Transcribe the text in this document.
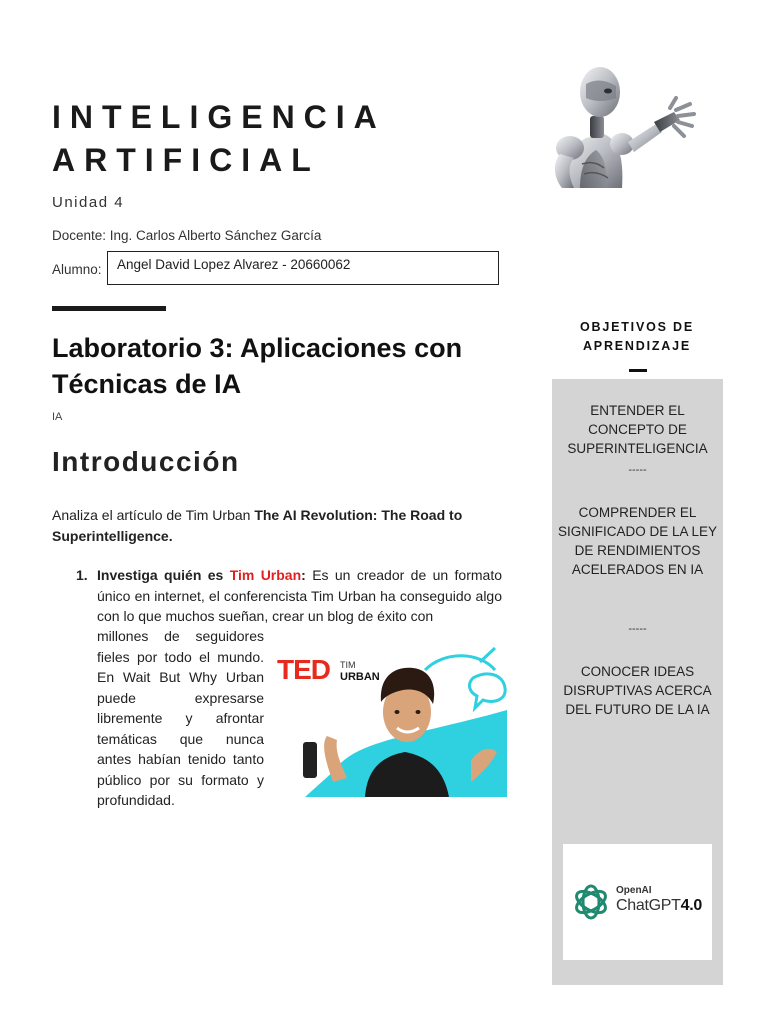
INTELIGENCIA
ARTIFICIAL
Unidad 4
Docente: Ing. Carlos Alberto Sánchez García
Alumno:	Angel David Lopez Alvarez - 20660062
Laboratorio 3: Aplicaciones con Técnicas de IA
IA
Introducción
Analiza el artículo de Tim Urban The AI Revolution: The Road to Superintelligence.
1. Investiga quién es Tim Urban: Es un creador de un formato único en internet, el conferencista Tim Urban ha conseguido algo con lo que muchos sueñan, crear un blog de éxito con
millones de seguidores fieles por todo el mundo. En Wait But Why Urban puede expresarse libremente y afrontar temáticas que nunca antes habían tenido tanto público por su formato y profundidad.
TED TIM
URBAN
OBJETIVOS DE APRENDIZAJE
ENTENDER EL CONCEPTO DE SUPERINTELIGENCIA
-----
COMPRENDER EL SIGNIFICADO DE LA LEY DE RENDIMIENTOS ACELERADOS EN IA
-----
CONOCER IDEAS DISRUPTIVAS ACERCA DEL FUTURO DE LA IA
OpenAI
ChatGPT4.0
